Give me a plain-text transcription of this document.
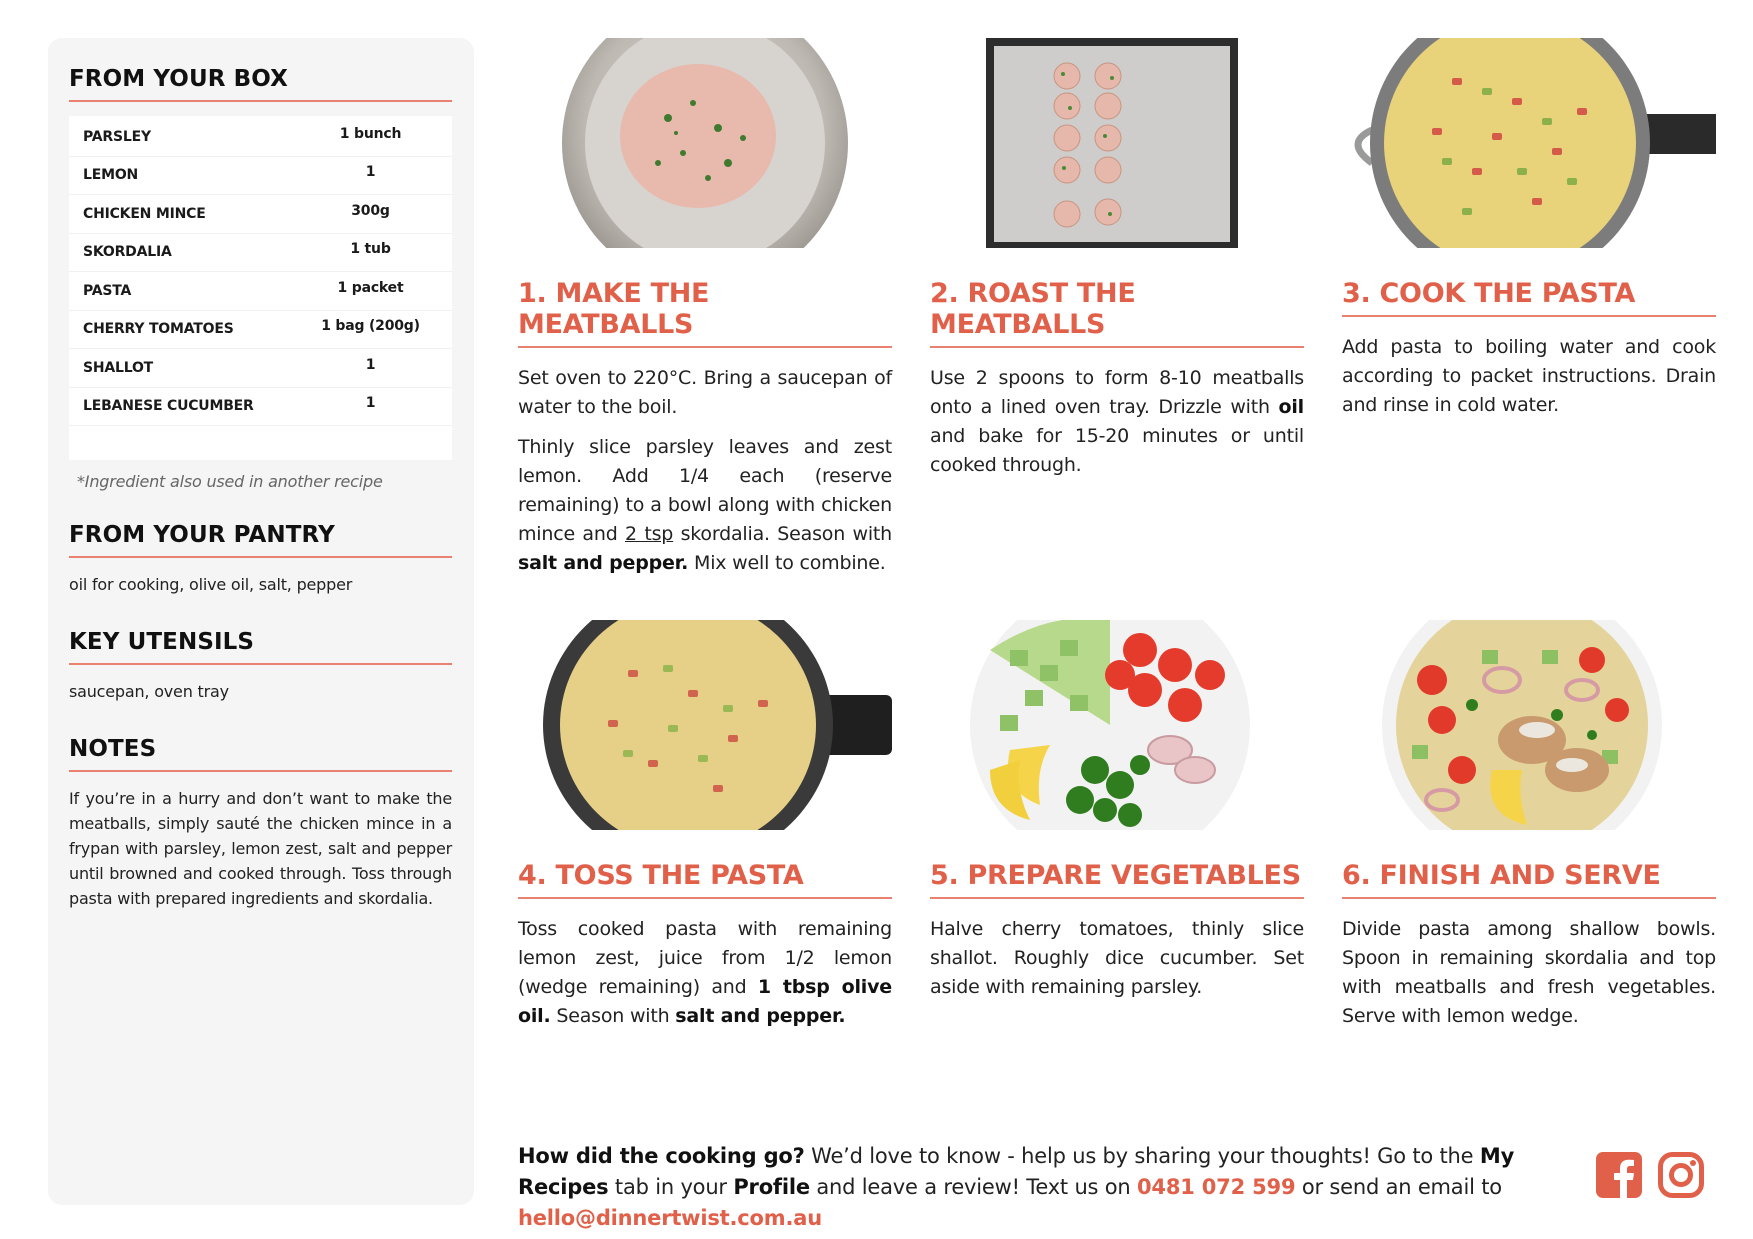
FROM YOUR BOX
PARSLEY	1 bunch
LEMON	1
CHICKEN MINCE	300g
SKORDALIA	1 tub
PASTA	1 packet
CHERRY TOMATOES	1 bag (200g)
SHALLOT	1
LEBANESE CUCUMBER	1
*Ingredient also used in another recipe
FROM YOUR PANTRY
oil for cooking, olive oil, salt, pepper
KEY UTENSILS
saucepan, oven tray
NOTES
If you’re in a hurry and don’t want to make the meatballs, simply sauté the chicken mince in a frypan with parsley, lemon zest, salt and pepper until browned and cooked through. Toss through pasta with prepared ingredients and skordalia.
1. MAKE THE MEATBALLS

Set oven to 220°C. Bring a saucepan of water to the boil.

Thinly slice parsley leaves and zest lemon. Add 1/4 each (reserve remaining) to a bowl along with chicken mince and 2 tsp skordalia. Season with salt and pepper. Mix well to combine.

2. ROAST THE MEATBALLS

Use 2 spoons to form 8-10 meatballs onto a lined oven tray. Drizzle with oil and bake for 15-20 minutes or until cooked through.

3. COOK THE PASTA

Add pasta to boiling water and cook according to packet instructions. Drain and rinse in cold water.

4. TOSS THE PASTA

Toss cooked pasta with remaining lemon zest, juice from 1/2 lemon (wedge remaining) and 1 tbsp olive oil. Season with salt and pepper.

5. PREPARE VEGETABLES

Halve cherry tomatoes, thinly slice shallot. Roughly dice cucumber. Set aside with remaining parsley.

6. FINISH AND SERVE

Divide pasta among shallow bowls. Spoon in remaining skordalia and top with meatballs and fresh vegetables. Serve with lemon wedge.

How did the cooking go? We’d love to know - help us by sharing your thoughts! Go to the My Recipes tab in your Profile and leave a review! Text us on 0481 072 599 or send an email to hello@dinnertwist.com.au
